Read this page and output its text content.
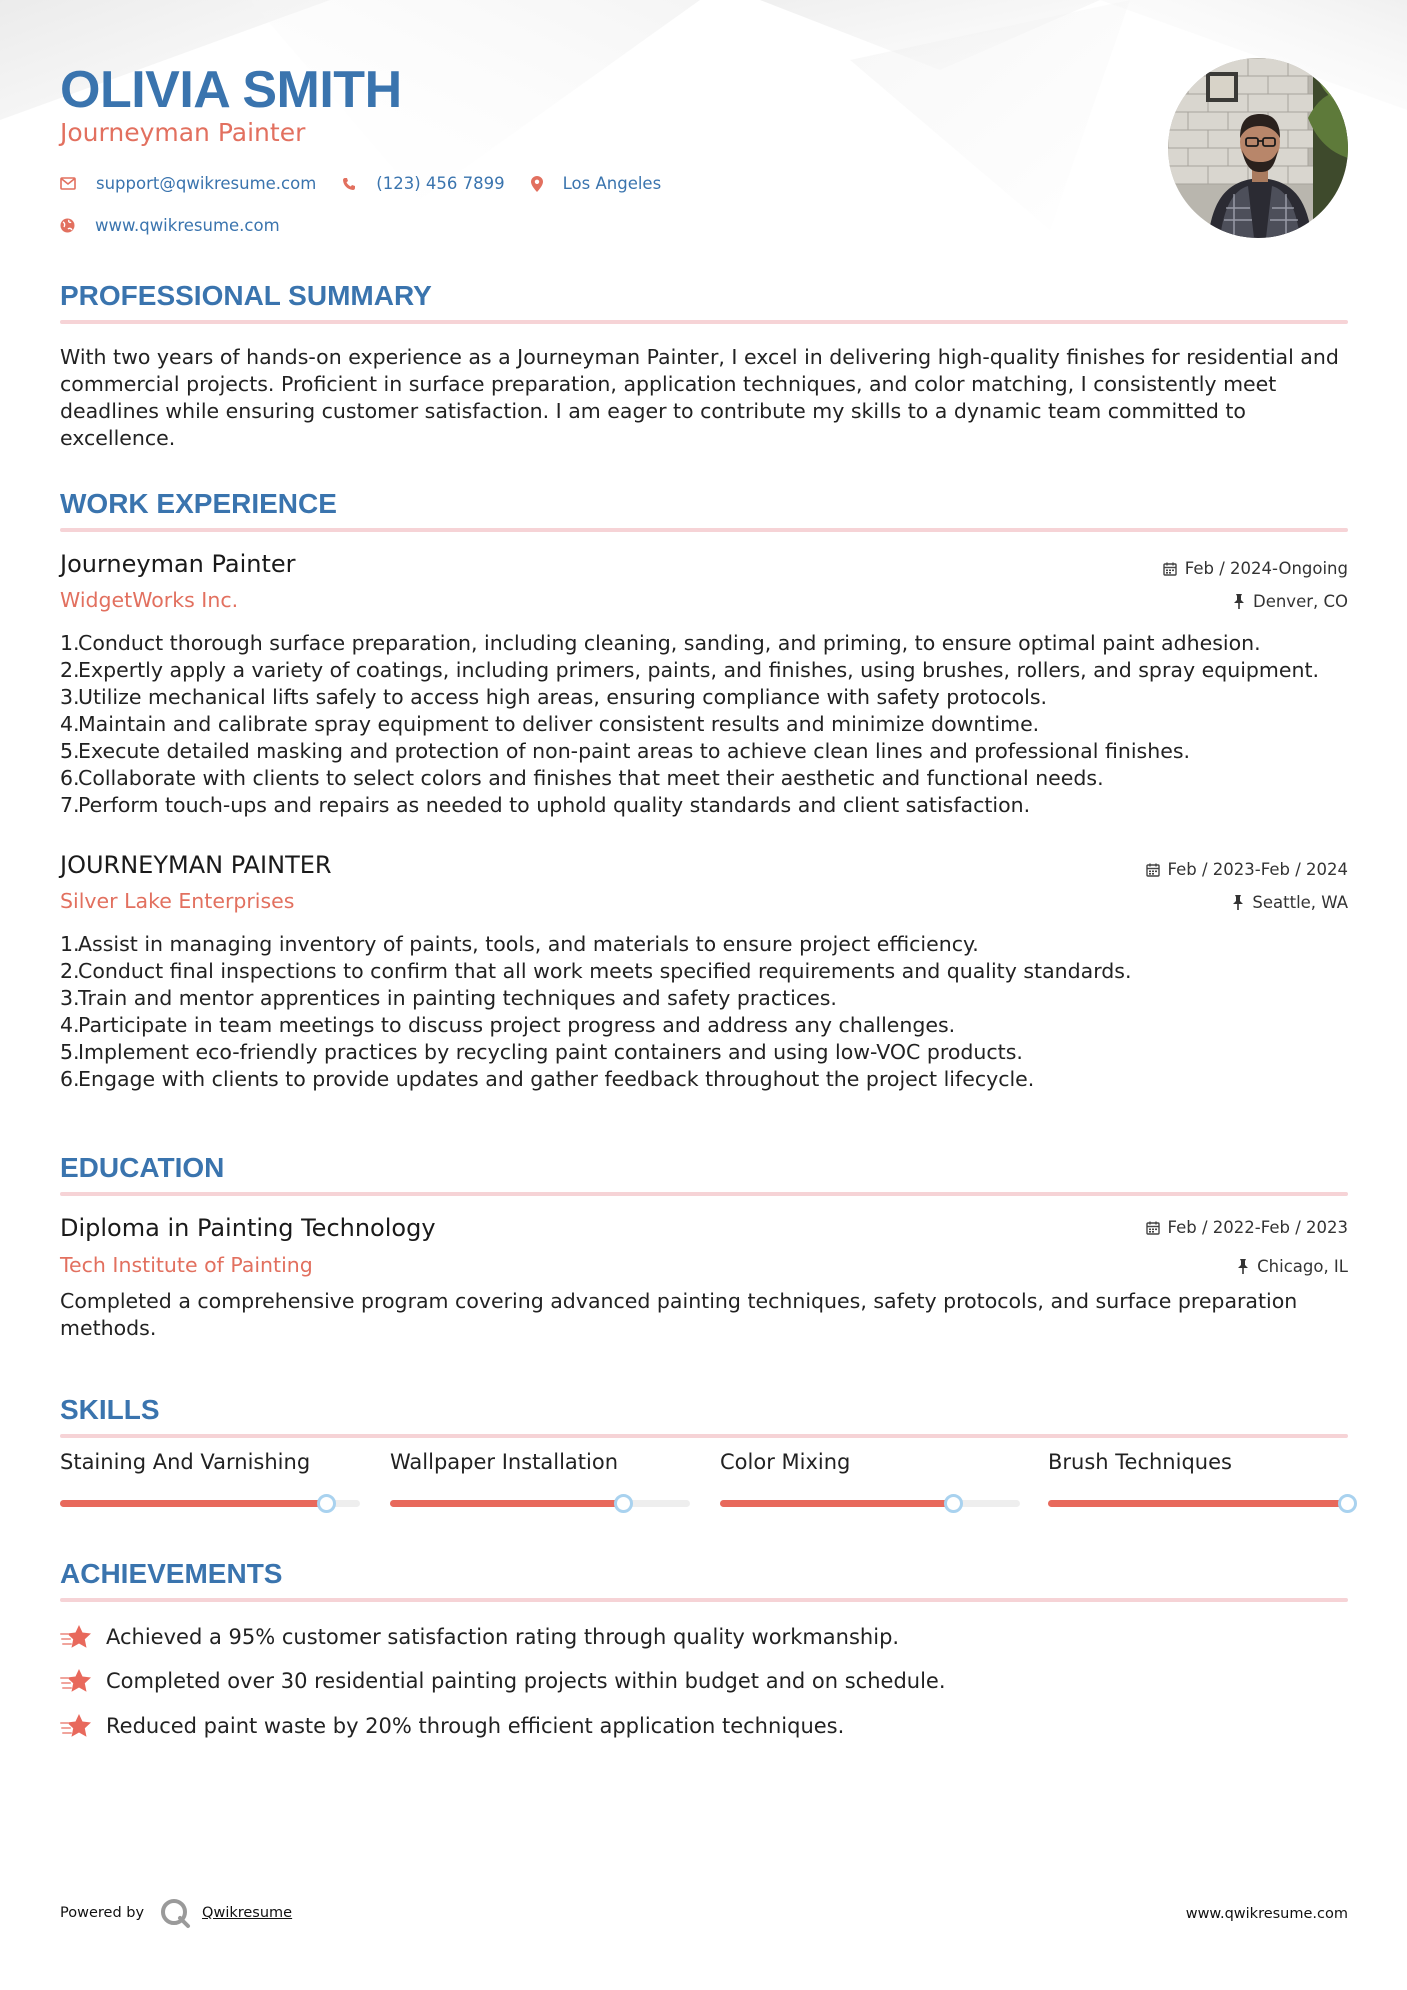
OLIVIA SMITH
Journeyman Painter
support@qwikresume.com	(123) 456 7899	Los Angeles
www.qwikresume.com
PROFESSIONAL SUMMARY
With two years of hands-on experience as a Journeyman Painter, I excel in delivering high-quality finishes for residential and commercial projects. Proficient in surface preparation, application techniques, and color matching, I consistently meet deadlines while ensuring customer satisfaction. I am eager to contribute my skills to a dynamic team committed to excellence.
WORK EXPERIENCE
Journeyman Painter	Feb / 2024-Ongoing
WidgetWorks Inc.	Denver, CO
1.
Conduct thorough surface preparation, including cleaning, sanding, and priming, to ensure optimal paint adhesion.
2.
Expertly apply a variety of coatings, including primers, paints, and finishes, using brushes, rollers, and spray equipment.
3.
Utilize mechanical lifts safely to access high areas, ensuring compliance with safety protocols.
4.
Maintain and calibrate spray equipment to deliver consistent results and minimize downtime.
5.
Execute detailed masking and protection of non-paint areas to achieve clean lines and professional finishes.
6.
Collaborate with clients to select colors and finishes that meet their aesthetic and functional needs.
7.
Perform touch-ups and repairs as needed to uphold quality standards and client satisfaction.
JOURNEYMAN PAINTER	Feb / 2023-Feb / 2024
Silver Lake Enterprises	Seattle, WA
1.
Assist in managing inventory of paints, tools, and materials to ensure project efficiency.
2.
Conduct final inspections to confirm that all work meets specified requirements and quality standards.
3.
Train and mentor apprentices in painting techniques and safety practices.
4.
Participate in team meetings to discuss project progress and address any challenges.
5.
Implement eco-friendly practices by recycling paint containers and using low-VOC products.
6.
Engage with clients to provide updates and gather feedback throughout the project lifecycle.
EDUCATION
Diploma in Painting Technology	Feb / 2022-Feb / 2023
Tech Institute of Painting	Chicago, IL
Completed a comprehensive program covering advanced painting techniques, safety protocols, and surface preparation methods.
SKILLS
Staining And Varnishing	Wallpaper Installation	Color Mixing	Brush Techniques
ACHIEVEMENTS
Achieved a 95% customer satisfaction rating through quality workmanship.
Completed over 30 residential painting projects within budget and on schedule.
Reduced paint waste by 20% through efficient application techniques.
Powered by	Qwikresume	www.qwikresume.com
